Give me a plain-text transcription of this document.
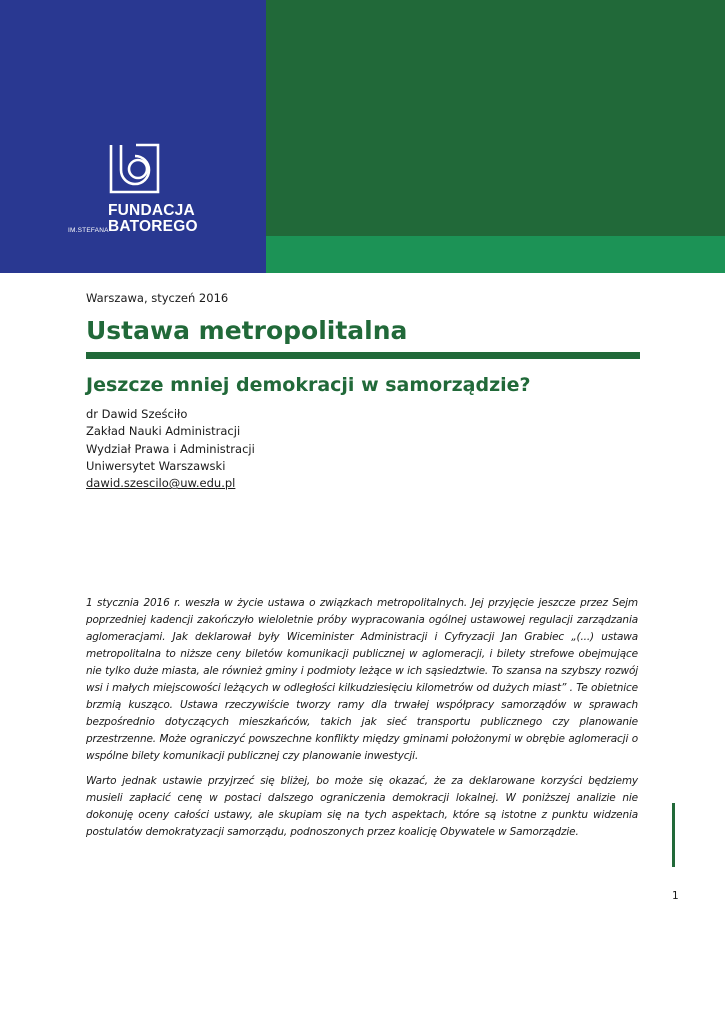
FUNDACJA
IM.STEFANA BATOREGO
Warszawa, styczeń 2016
Ustawa metropolitalna
Jeszcze mniej demokracji w samorządzie?
dr Dawid Sześciło
Zakład Nauki Administracji
Wydział Prawa i Administracji
Uniwersytet Warszawski
dawid.szescilo@uw.edu.pl

1 stycznia 2016 r. weszła w życie ustawa o związkach metropolitalnych. Jej przyjęcie jeszcze przez Sejm poprzedniej kadencji zakończyło wieloletnie próby wypracowania ogólnej ustawowej regulacji zarządzania aglomeracjami. Jak deklarował były Wiceminister Administracji i Cyfryzacji Jan Grabiec „(...) ustawa metropolitalna to niższe ceny biletów komunikacji publicznej w aglomeracji, i bilety strefowe obejmujące nie tylko duże miasta, ale również gminy i podmioty leżące w ich sąsiedztwie. To szansa na szybszy rozwój wsi i małych miejscowości leżących w odległości kilkudziesięciu kilometrów od dużych miast” . Te obietnice brzmią kusząco. Ustawa rzeczywiście tworzy ramy dla trwałej współpracy samorządów w sprawach bezpośrednio dotyczących mieszkańców, takich jak sieć transportu publicznego czy planowanie przestrzenne. Może ograniczyć powszechne konflikty między gminami położonymi w obrębie aglomeracji o wspólne bilety komunikacji publicznej czy planowanie inwestycji.

Warto jednak ustawie przyjrzeć się bliżej, bo może się okazać, że za deklarowane korzyści będziemy musieli zapłacić cenę w postaci dalszego ograniczenia demokracji lokalnej. W poniższej analizie nie dokonuję oceny całości ustawy, ale skupiam się na tych aspektach, które są istotne z punktu widzenia postulatów demokratyzacji samorządu, podnoszonych przez koalicję Obywatele w Samorządzie.

1
